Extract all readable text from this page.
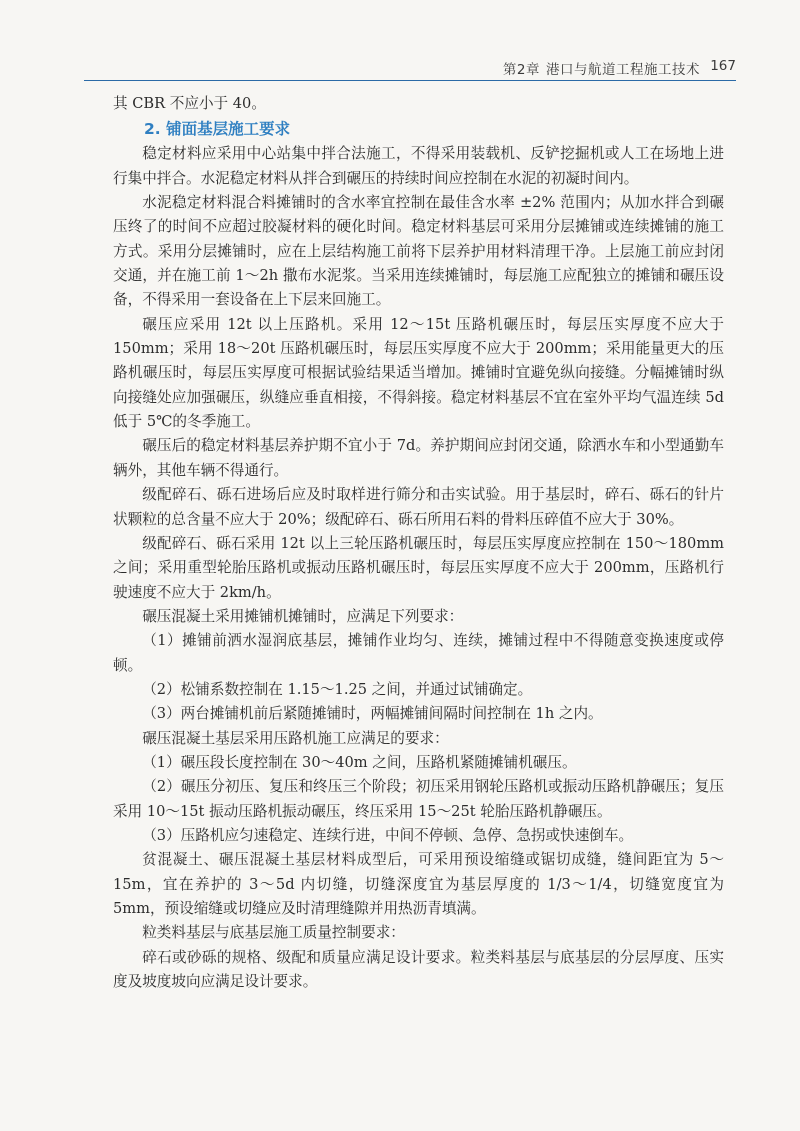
第2章 港口与航道工程施工技术 167

其 CBR 不应小于 40。

2. 铺面基层施工要求

稳定材料应采用中心站集中拌合法施工，不得采用装载机、反铲挖掘机或人工在场地上进行集中拌合。水泥稳定材料从拌合到碾压的持续时间应控制在水泥的初凝时间内。

水泥稳定材料混合料摊铺时的含水率宜控制在最佳含水率 ±2% 范围内；从加水拌合到碾压终了的时间不应超过胶凝材料的硬化时间。稳定材料基层可采用分层摊铺或连续摊铺的施工方式。采用分层摊铺时，应在上层结构施工前将下层养护用材料清理干净。上层施工前应封闭交通，并在施工前 1～2h 撒布水泥浆。当采用连续摊铺时，每层施工应配独立的摊铺和碾压设备，不得采用一套设备在上下层来回施工。

碾压应采用 12t 以上压路机。采用 12～15t 压路机碾压时，每层压实厚度不应大于 150mm；采用 18～20t 压路机碾压时，每层压实厚度不应大于 200mm；采用能量更大的压路机碾压时，每层压实厚度可根据试验结果适当增加。摊铺时宜避免纵向接缝。分幅摊铺时纵向接缝处应加强碾压，纵缝应垂直相接，不得斜接。稳定材料基层不宜在室外平均气温连续 5d 低于 5℃的冬季施工。

碾压后的稳定材料基层养护期不宜小于 7d。养护期间应封闭交通，除洒水车和小型通勤车辆外，其他车辆不得通行。

级配碎石、砾石进场后应及时取样进行筛分和击实试验。用于基层时，碎石、砾石的针片状颗粒的总含量不应大于 20%；级配碎石、砾石所用石料的骨料压碎值不应大于 30%。

级配碎石、砾石采用 12t 以上三轮压路机碾压时，每层压实厚度应控制在 150～180mm 之间；采用重型轮胎压路机或振动压路机碾压时，每层压实厚度不应大于 200mm，压路机行驶速度不应大于 2km/h。

碾压混凝土采用摊铺机摊铺时，应满足下列要求：

（1）摊铺前洒水湿润底基层，摊铺作业均匀、连续，摊铺过程中不得随意变换速度或停顿。

（2）松铺系数控制在 1.15～1.25 之间，并通过试铺确定。

（3）两台摊铺机前后紧随摊铺时，两幅摊铺间隔时间控制在 1h 之内。

碾压混凝土基层采用压路机施工应满足的要求：

（1）碾压段长度控制在 30～40m 之间，压路机紧随摊铺机碾压。

（2）碾压分初压、复压和终压三个阶段；初压采用钢轮压路机或振动压路机静碾压；复压采用 10～15t 振动压路机振动碾压，终压采用 15～25t 轮胎压路机静碾压。

（3）压路机应匀速稳定、连续行进，中间不停顿、急停、急拐或快速倒车。

贫混凝土、碾压混凝土基层材料成型后，可采用预设缩缝或锯切成缝，缝间距宜为 5～15m，宜在养护的 3～5d 内切缝，切缝深度宜为基层厚度的 1/3～1/4，切缝宽度宜为 5mm，预设缩缝或切缝应及时清理缝隙并用热沥青填满。

粒类料基层与底基层施工质量控制要求：

碎石或砂砾的规格、级配和质量应满足设计要求。粒类料基层与底基层的分层厚度、压实度及坡度坡向应满足设计要求。
